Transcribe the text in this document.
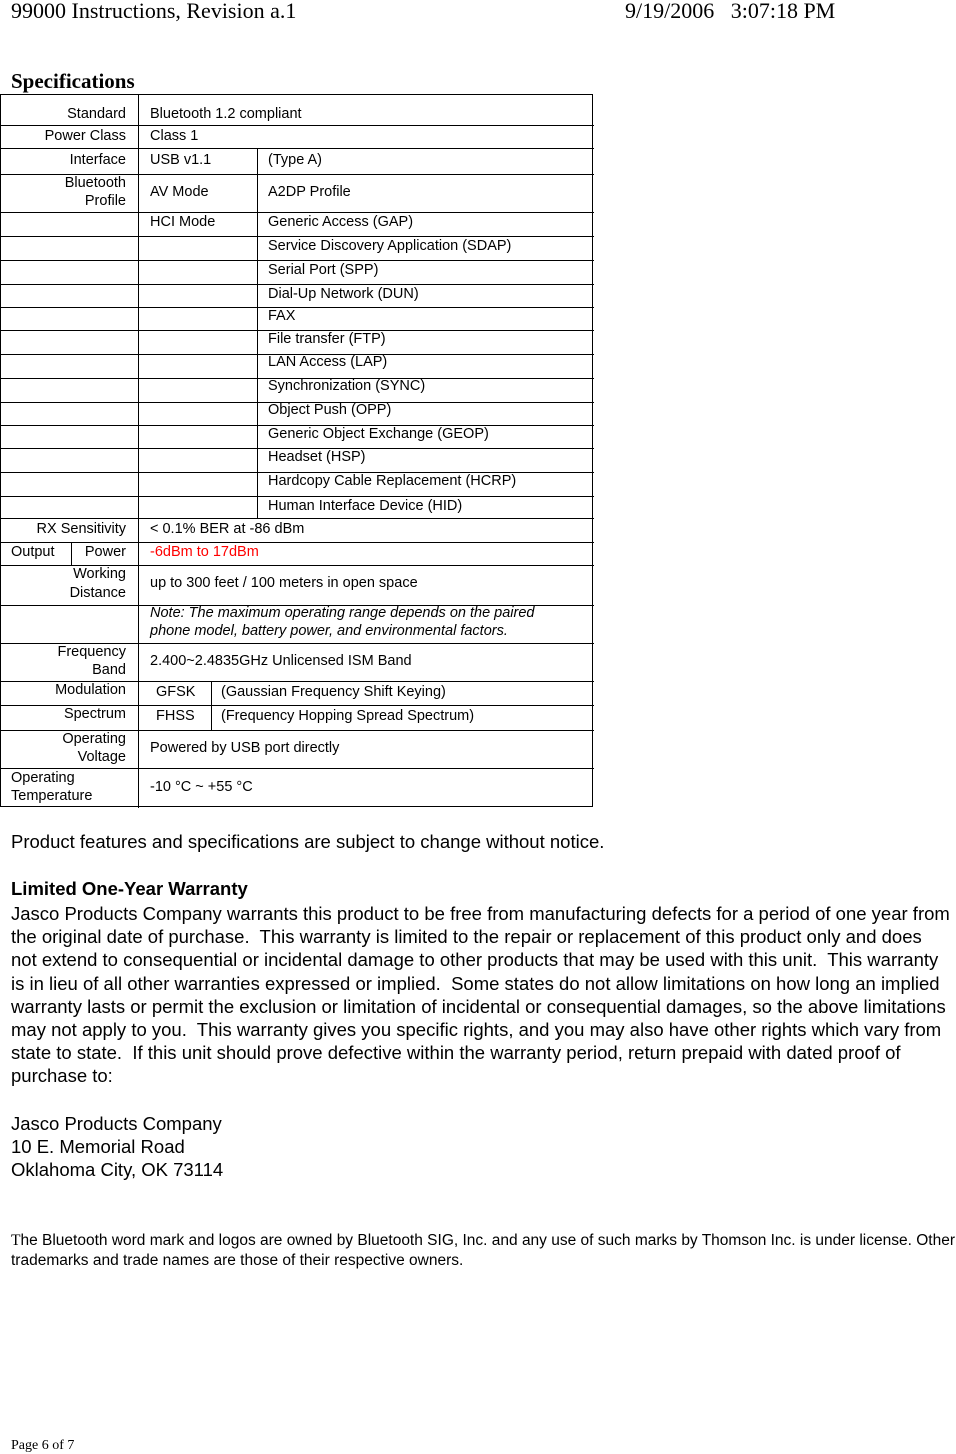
99000 Instructions, Revision a.1	9/19/2006   3:07:18 PM
Specifications
Standard Bluetooth 1.2 compliant
Power Class Class 1
Interface USB v1.1	(Type A)
Bluetooth
Profile
AV Mode	A2DP Profile
HCI Mode	Generic Access (GAP)
Service Discovery Application (SDAP)
Serial Port (SPP)
Dial-Up Network (DUN)
FAX
File transfer (FTP)
LAN Access (LAP)
Synchronization (SYNC)
Object Push (OPP)
Generic Object Exchange (GEOP)
Headset (HSP)
Hardcopy Cable Replacement (HCRP)
Human Interface Device (HID)
RX Sensitivity < 0.1% BER at -86 dBm
Output Power -6dBm to 17dBm
Working
Distance
up to 300 feet / 100 meters in open space
Note: The maximum operating range depends on the paired
phone model, battery power, and environmental factors.
Frequency
Band
2.400~2.4835GHz Unlicensed ISM Band
Modulation GFSK (Gaussian Frequency Shift Keying)
Spectrum FHSS (Frequency Hopping Spread Spectrum)
Operating
Voltage
Powered by USB port directly
Operating
Temperature
-10 °C ~ +55 °C
Product features and specifications are subject to change without notice.
Limited One-Year Warranty
Jasco Products Company warrants this product to be free from manufacturing defects for a period of one year from the original date of purchase.  This warranty is limited to the repair or replacement of this product only and does not extend to consequential or incidental damage to other products that may be used with this unit.  This warranty is in lieu of all other warranties expressed or implied.  Some states do not allow limitations on how long an implied warranty lasts or permit the exclusion or limitation of incidental or consequential damages, so the above limitations may not apply to you.  This warranty gives you specific rights, and you may also have other rights which vary from state to state.  If this unit should prove defective within the warranty period, return prepaid with dated proof of purchase to:
Jasco Products Company
10 E. Memorial Road
Oklahoma City, OK 73114
The Bluetooth word mark and logos are owned by Bluetooth SIG, Inc. and any use of such marks by Thomson Inc. is under license. Other trademarks and trade names are those of their respective owners.
Page 6 of 7
